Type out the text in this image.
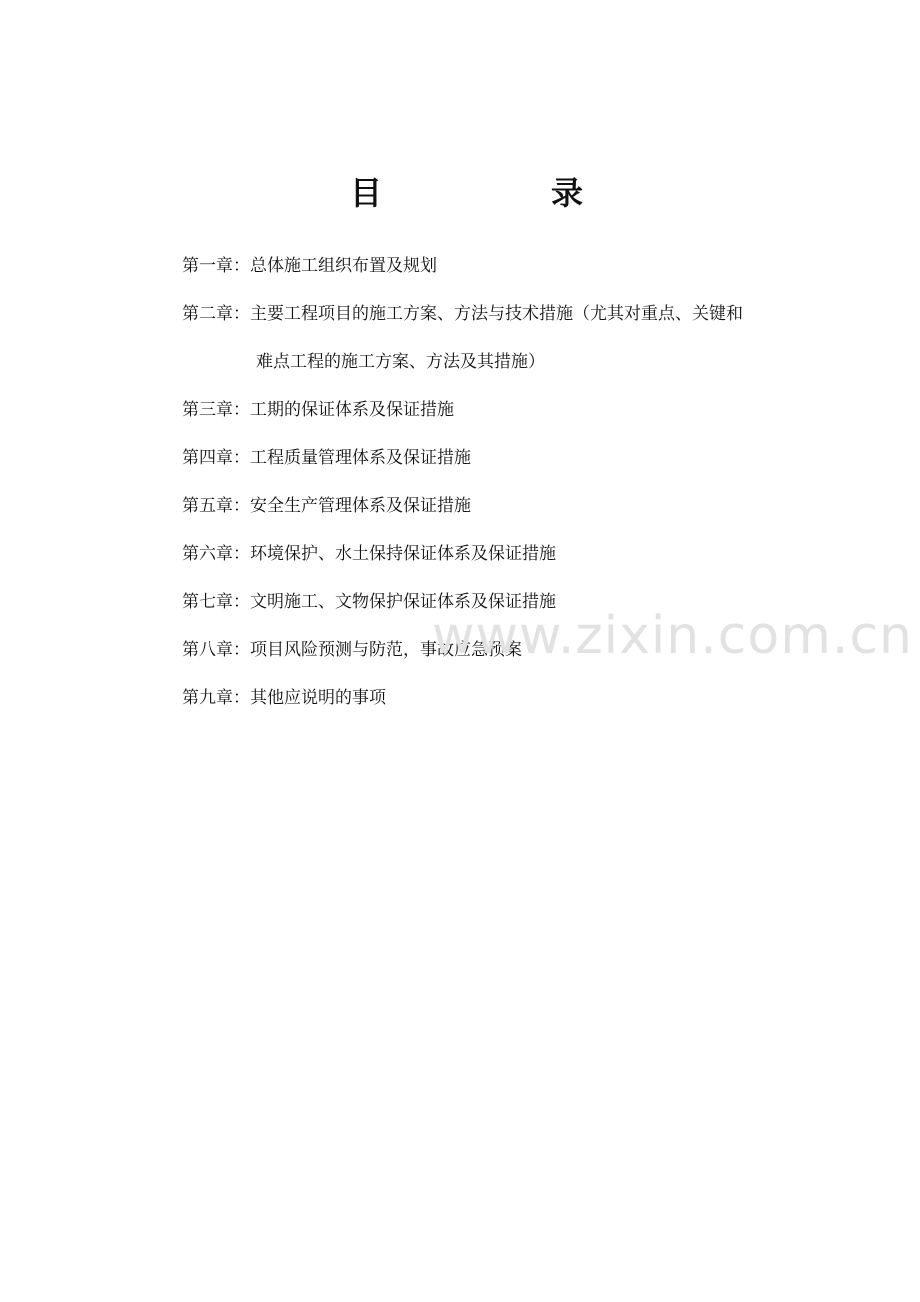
目	录
第一章：总体施工组织布置及规划
第二章：主要工程项目的施工方案、方法与技术措施（尤其对重点、关键和
难点工程的施工方案、方法及其措施）
第三章：工期的保证体系及保证措施
第四章：工程质量管理体系及保证措施
第五章：安全生产管理体系及保证措施
第六章：环境保护、水土保持保证体系及保证措施
第七章：文明施工、文物保护保证体系及保证措施
第八章：项目风险预测与防范，事故应急预案
第九章：其他应说明的事项
www.zixin.com.cn
